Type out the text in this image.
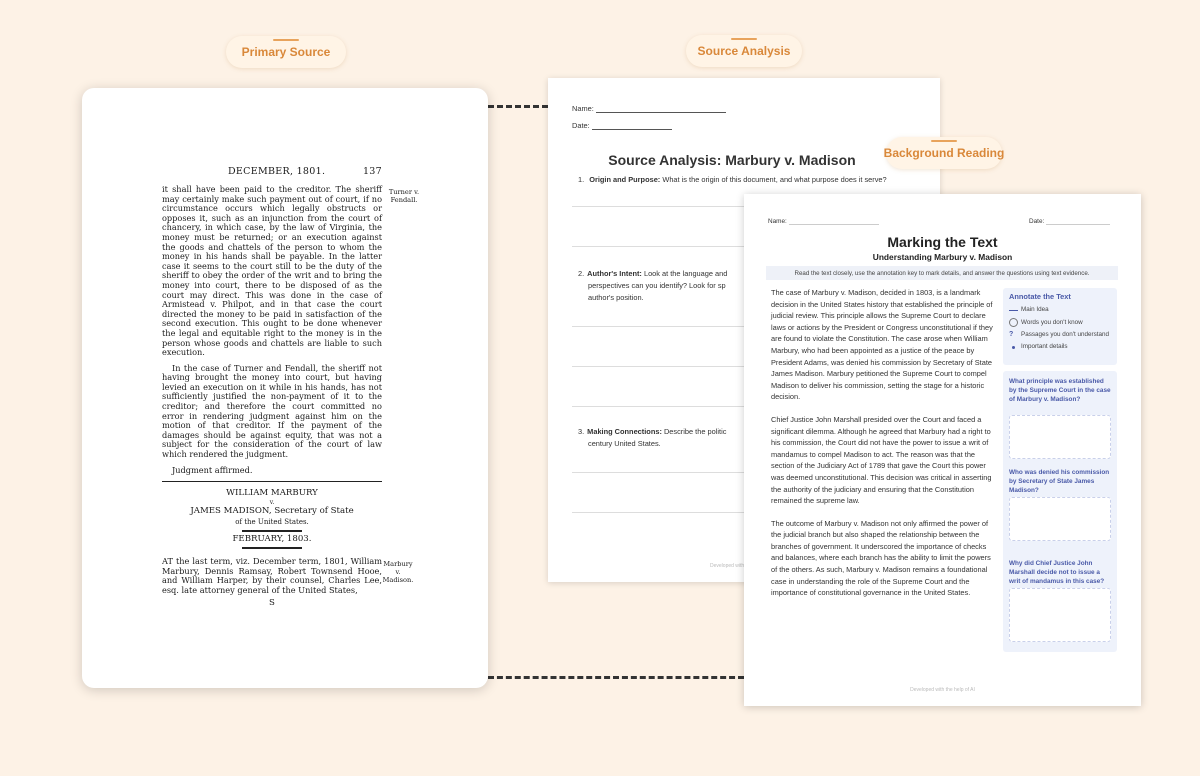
Primary Source	Source Analysis
DECEMBER, 1801.	137

it shall have been paid to the creditor. The sheriff may certainly make such payment out of court, if no circumstance occurs which legally obstructs or opposes it, such as an injunction from the court of chancery, in which case, by the law of Virginia, the money must be returned; or an execution against the goods and chattels of the person to whom the money in his hands shall be payable. In the latter case it seems to the court still to be the duty of the sheriff to obey the order of the writ and to bring the money into court, there to be disposed of as the court may direct. This was done in the case of Armistead v. Philpot, and in that case the court directed the money to be paid in satisfaction of the second execution. This ought to be done whenever the legal and equitable right to the money is in the person whose goods and chattels are liable to such execution.

In the case of Turner and Fendall, the sheriff not having brought the money into court, but having levied an execution on it while in his hands, has not sufficiently justified the non-payment of it to the creditor; and therefore the court committed no error in rendering judgment against him on the motion of that creditor. If the payment of the damages should be against equity, that was not a subject for the consideration of the court of law which rendered the judgment.

Judgment affirmed.

WILLIAM MARBURY
v.
JAMES MADISON, Secretary of State
of the United States.
FEBRUARY, 1803.

AT the last term, viz. December term, 1801, William Marbury, Dennis Ramsay, Robert Townsend Hooe, and William Harper, by their counsel, Charles Lee, esq. late attorney general of the United States,

S
Turner v. Fendall.
Marbury v. Madison.
Name:
Date:
Source Analysis: Marbury v. Madison
1. Origin and Purpose: What is the origin of this document, and what purpose does it serve?
2. Author's Intent: Look at the language and
perspectives can you identify? Look for sp
author's position.
3. Making Connections: Describe the politic
century United States.
Developed with
Background Reading
Name:	Date:
Marking the Text
Understanding Marbury v. Madison
Read the text closely, use the annotation key to mark details, and answer the questions using text evidence.

The case of Marbury v. Madison, decided in 1803, is a landmark decision in the United States history that established the principle of judicial review. This principle allows the Supreme Court to declare laws or actions by the President or Congress unconstitutional if they are found to violate the Constitution. The case arose when William Marbury, who had been appointed as a justice of the peace by President Adams, was denied his commission by Secretary of State James Madison. Marbury petitioned the Supreme Court to compel Madison to deliver his commission, setting the stage for a historic decision.

Chief Justice John Marshall presided over the Court and faced a significant dilemma. Although he agreed that Marbury had a right to his commission, the Court did not have the power to issue a writ of mandamus to compel Madison to act. The reason was that the section of the Judiciary Act of 1789 that gave the Court this power was deemed unconstitutional. This decision was critical in asserting the authority of the judiciary and ensuring that the Constitution remained the supreme law.

The outcome of Marbury v. Madison not only affirmed the power of the judicial branch but also shaped the relationship between the branches of government. It underscored the importance of checks and balances, where each branch has the ability to limit the powers of the others. As such, Marbury v. Madison remains a foundational case in understanding the role of the Supreme Court and the importance of constitutional governance in the United States.

Annotate the Text
Main Idea
Words you don't know
? Passages you don't understand
Important details
What principle was established by the Supreme Court in the case of Marbury v. Madison?
Who was denied his commission by Secretary of State James Madison?
Why did Chief Justice John Marshall decide not to issue a writ of mandamus in this case?
Developed with the help of AI
